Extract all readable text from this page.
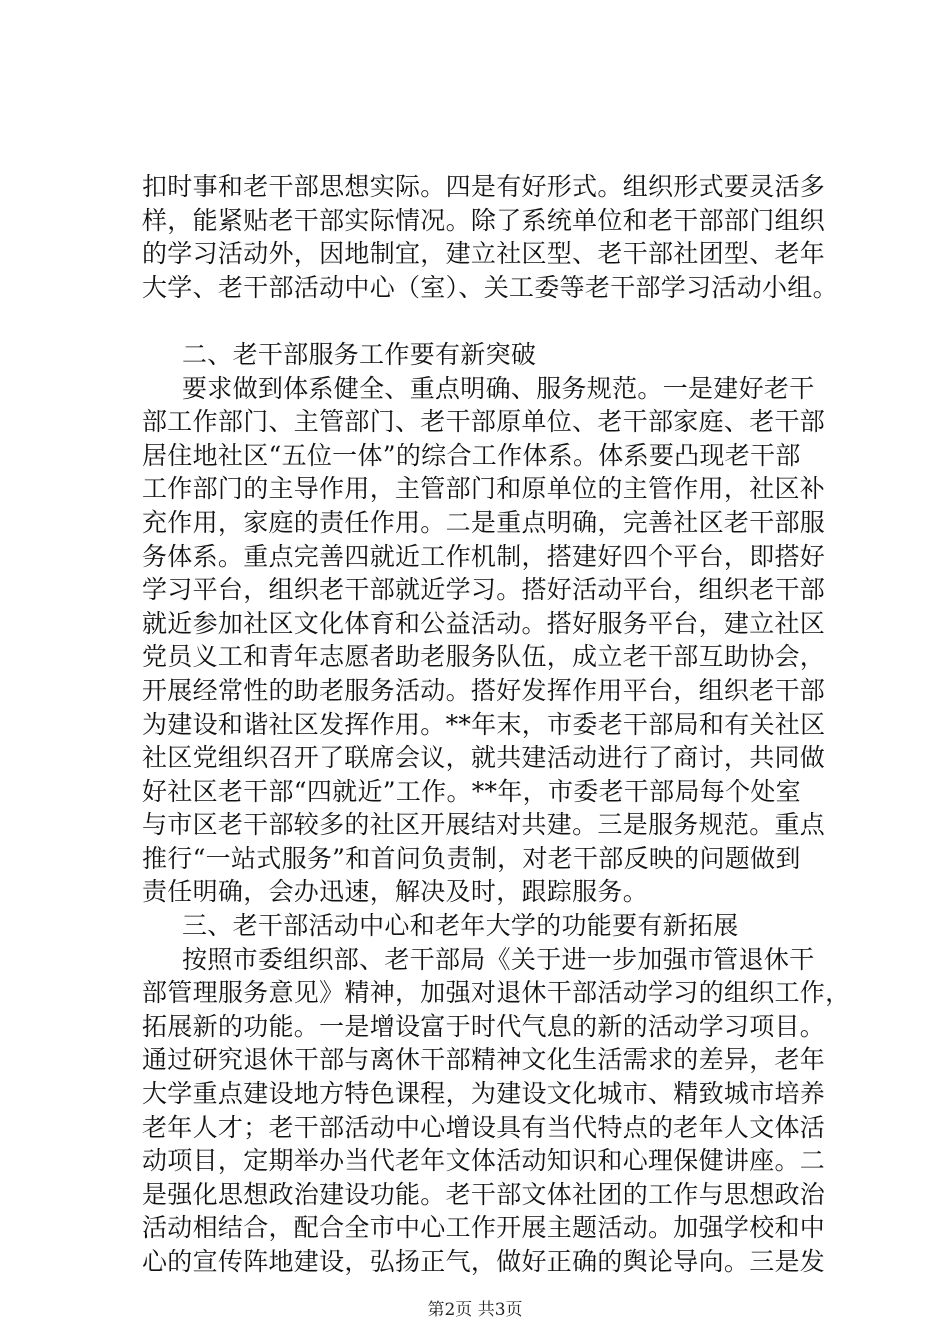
扣时事和老干部思想实际。四是有好形式。组织形式要灵活多
样，能紧贴老干部实际情况。除了系统单位和老干部部门组织
的学习活动外，因地制宜，建立社区型、老干部社团型、老年
大学、老干部活动中心（室）、关工委等老干部学习活动小组。
二、老干部服务工作要有新突破
要求做到体系健全、重点明确、服务规范。一是建好老干
部工作部门、主管部门、老干部原单位、老干部家庭、老干部
居住地社区“五位一体”的综合工作体系。体系要凸现老干部
工作部门的主导作用，主管部门和原单位的主管作用，社区补
充作用，家庭的责任作用。二是重点明确，完善社区老干部服
务体系。重点完善四就近工作机制，搭建好四个平台，即搭好
学习平台，组织老干部就近学习。搭好活动平台，组织老干部
就近参加社区文化体育和公益活动。搭好服务平台，建立社区
党员义工和青年志愿者助老服务队伍，成立老干部互助协会，
开展经常性的助老服务活动。搭好发挥作用平台，组织老干部
为建设和谐社区发挥作用。**年末，市委老干部局和有关社区
社区党组织召开了联席会议，就共建活动进行了商讨，共同做
好社区老干部“四就近”工作。**年，市委老干部局每个处室
与市区老干部较多的社区开展结对共建。三是服务规范。重点
推行“一站式服务”和首问负责制，对老干部反映的问题做到
责任明确，会办迅速，解决及时，跟踪服务。
三、老干部活动中心和老年大学的功能要有新拓展
按照市委组织部、老干部局《关于进一步加强市管退休干
部管理服务意见》精神，加强对退休干部活动学习的组织工作，
拓展新的功能。一是增设富于时代气息的新的活动学习项目。
通过研究退休干部与离休干部精神文化生活需求的差异，老年
大学重点建设地方特色课程，为建设文化城市、精致城市培养
老年人才；老干部活动中心增设具有当代特点的老年人文体活
动项目，定期举办当代老年文体活动知识和心理保健讲座。二
是强化思想政治建设功能。老干部文体社团的工作与思想政治
活动相结合，配合全市中心工作开展主题活动。加强学校和中
心的宣传阵地建设，弘扬正气，做好正确的舆论导向。三是发
第2页 共3页
